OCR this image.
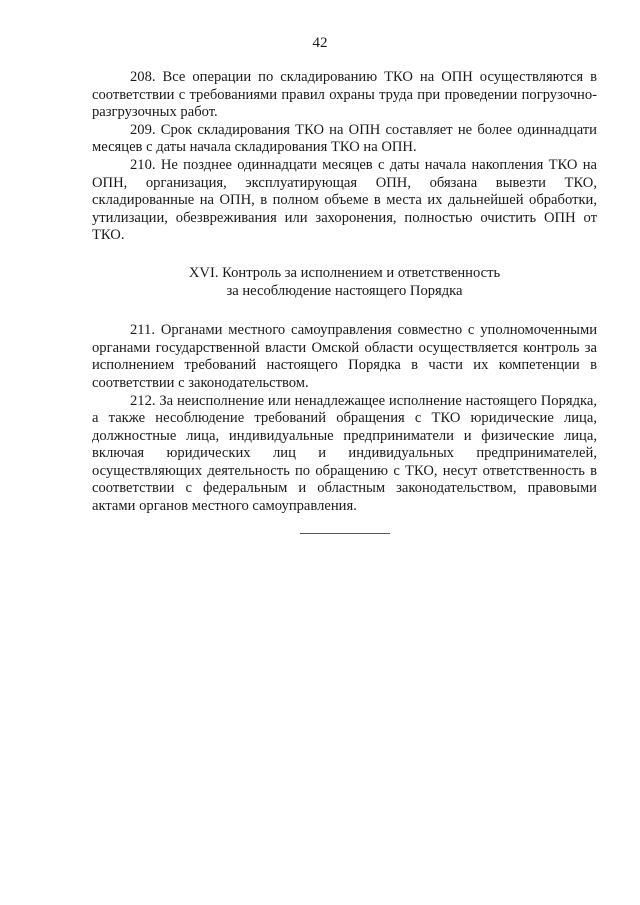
42

208. Все операции по складированию ТКО на ОПН осуществляются в соответствии с требованиями правил охраны труда при проведении погрузочно-разгрузочных работ.

209. Срок складирования ТКО на ОПН составляет не более одиннадцати месяцев с даты начала складирования ТКО на ОПН.

210. Не позднее одиннадцати месяцев с даты начала накопления ТКО на ОПН, организация, эксплуатирующая ОПН, обязана вывезти ТКО, складированные на ОПН, в полном объеме в места их дальнейшей обработки, утилизации, обезвреживания или захоронения, полностью очистить ОПН от ТКО.

XVI. Контроль за исполнением и ответственность
за несоблюдение настоящего Порядка

211. Органами местного самоуправления совместно с уполномоченными органами государственной власти Омской области осуществляется контроль за исполнением требований настоящего Порядка в части их компетенции в соответствии с законодательством.

212. За неисполнение или ненадлежащее исполнение настоящего Порядка, а также несоблюдение требований обращения с ТКО юридические лица, должностные лица, индивидуальные предприниматели и физические лица, включая юридических лиц и индивидуальных предпринимателей, осуществляющих деятельность по обращению с ТКО, несут ответственность в соответствии с федеральным и областным законодательством, правовыми актами органов местного самоуправления.
